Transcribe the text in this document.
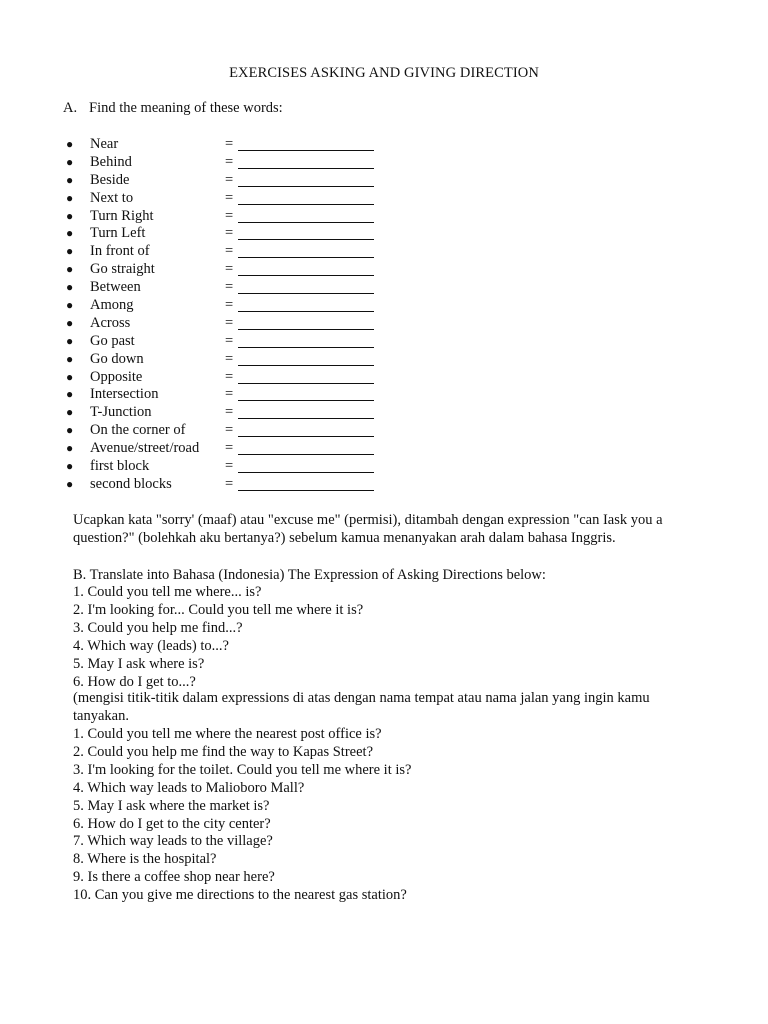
EXERCISES ASKING AND GIVING DIRECTION
A. Find the meaning of these words:
● Near	=
● Behind	=
● Beside	=
● Next to	=
● Turn Right	=
● Turn Left	=
● In front of	=
● Go straight	=
● Between	=
● Among	=
● Across	=
● Go past	=
● Go down	=
● Opposite	=
● Intersection	=
● T-Junction	=
● On the corner of	=
● Avenue/street/road =
● first block	=
● second blocks	=
Ucapkan kata "sorry' (maaf) atau "excuse me" (permisi), ditambah dengan expression "can Iask you a question?" (bolehkah aku bertanya?) sebelum kamua menanyakan arah dalam bahasa Inggris.
B. Translate into Bahasa (Indonesia) The Expression of Asking Directions below:
1. Could you tell me where... is?
2. I'm looking for... Could you tell me where it is?
3. Could you help me find...?
4. Which way (leads) to...?
5. May I ask where is?
6. How do I get to...?
(mengisi titik-titik dalam expressions di atas dengan nama tempat atau nama jalan yang ingin kamu tanyakan.
1. Could you tell me where the nearest post office is?
2. Could you help me find the way to Kapas Street?
3. I'm looking for the toilet. Could you tell me where it is?
4. Which way leads to Malioboro Mall?
5. May I ask where the market is?
6. How do I get to the city center?
7. Which way leads to the village?
8. Where is the hospital?
9. Is there a coffee shop near here?
10. Can you give me directions to the nearest gas station?
